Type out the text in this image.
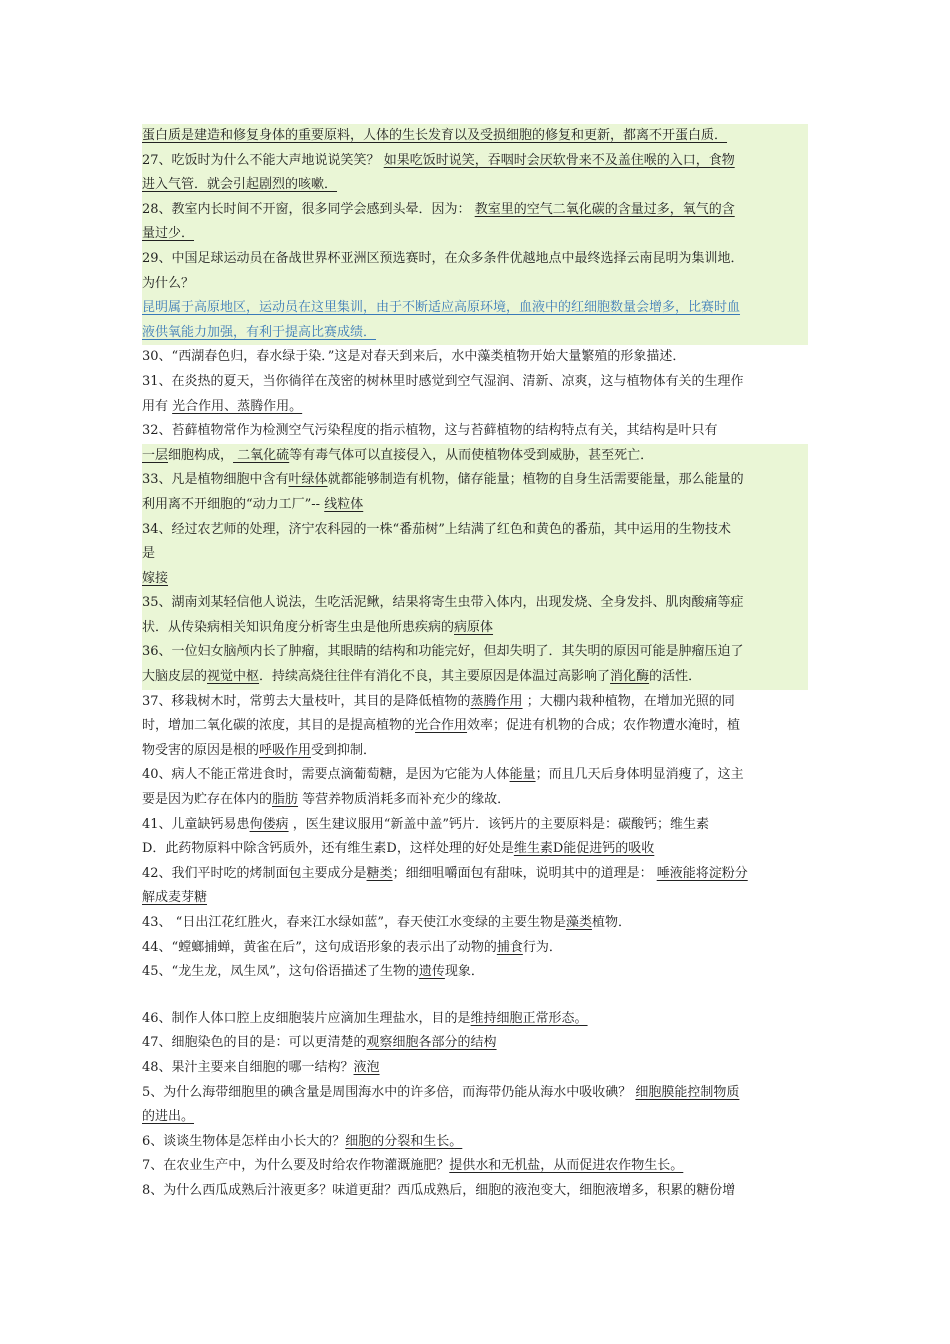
蛋白质是建造和修复身体的重要原料，人体的生长发育以及受损细胞的修复和更新，都离不开蛋白质．
27、吃饭时为什么不能大声地说说笑笑？ 如果吃饭时说笑，吞咽时会厌软骨来不及盖住喉的入口，食物
进入气管．就会引起剧烈的咳嗽．
28、教室内长时间不开窗，很多同学会感到头晕．因为： 教室里的空气二氧化碳的含量过多，氧气的含
量过少．
29、中国足球运动员在备战世界杯亚洲区预选赛时，在众多条件优越地点中最终选择云南昆明为集训地．
为什么？
昆明属于高原地区，运动员在这里集训，由于不断适应高原环境，血液中的红细胞数量会增多，比赛时血
液供氧能力加强，有利于提高比赛成绩．
30、“西湖春色归，春水绿于染．”这是对春天到来后，水中藻类植物开始大量繁殖的形象描述．
31、在炎热的夏天，当你徜徉在茂密的树林里时感觉到空气湿润、清新、凉爽，这与植物体有关的生理作
用有 光合作用、蒸腾作用。
32、苔藓植物常作为检测空气污染程度的指示植物，这与苔藓植物的结构特点有关，其结构是叶只有
一层细胞构成， 二氧化硫等有毒气体可以直接侵入，从而使植物体受到威胁，甚至死亡．
33、凡是植物细胞中含有叶绿体就都能够制造有机物，储存能量；植物的自身生活需要能量，那么能量的
利用离不开细胞的“动力工厂”-- 线粒体
34、经过农艺师的处理，济宁农科园的一株“番茄树”上结满了红色和黄色的番茄，其中运用的生物技术
是
嫁接
35、湖南刘某轻信他人说法，生吃活泥鳅，结果将寄生虫带入体内，出现发烧、全身发抖、肌肉酸痛等症
状．从传染病相关知识角度分析寄生虫是他所患疾病的病原体
36、一位妇女脑颅内长了肿瘤，其眼睛的结构和功能完好，但却失明了．其失明的原因可能是肿瘤压迫了
大脑皮层的视觉中枢．持续高烧往往伴有消化不良，其主要原因是体温过高影响了消化酶的活性．
37、移栽树木时，常剪去大量枝叶，其目的是降低植物的蒸腾作用 ；大棚内栽种植物，在增加光照的同
时，增加二氧化碳的浓度，其目的是提高植物的光合作用效率；促进有机物的合成；农作物遭水淹时，植
物受害的原因是根的呼吸作用受到抑制．
40、病人不能正常进食时，需要点滴葡萄糖，是因为它能为人体能量；而且几天后身体明显消瘦了，这主
要是因为贮存在体内的脂肪 等营养物质消耗多而补充少的缘故．
41、儿童缺钙易患佝偻病 ，医生建议服用“新盖中盖”钙片．该钙片的主要原料是：碳酸钙；维生素
D．此药物原料中除含钙质外，还有维生素D，这样处理的好处是维生素D能促进钙的吸收
42、我们平时吃的烤制面包主要成分是糖类；细细咀嚼面包有甜味，说明其中的道理是： 唾液能将淀粉分
解成麦芽糖
43、 “日出江花红胜火，春来江水绿如蓝”，春天使江水变绿的主要生物是藻类植物．
44、“螳螂捕蝉，黄雀在后”，这句成语形象的表示出了动物的捕食行为．
45、“龙生龙，凤生凤”，这句俗语描述了生物的遗传现象．
46、制作人体口腔上皮细胞装片应滴加生理盐水，目的是维持细胞正常形态。
47、细胞染色的目的是：可以更清楚的观察细胞各部分的结构
48、果汁主要来自细胞的哪一结构？液泡
5、为什么海带细胞里的碘含量是周围海水中的许多倍，而海带仍能从海水中吸收碘？ 细胞膜能控制物质
的进出。
6、谈谈生物体是怎样由小长大的？细胞的分裂和生长。
7、在农业生产中，为什么要及时给农作物灌溉施肥？提供水和无机盐，从而促进农作物生长。
8、为什么西瓜成熟后汁液更多？味道更甜？西瓜成熟后，细胞的液泡变大，细胞液增多，积累的糖份增
